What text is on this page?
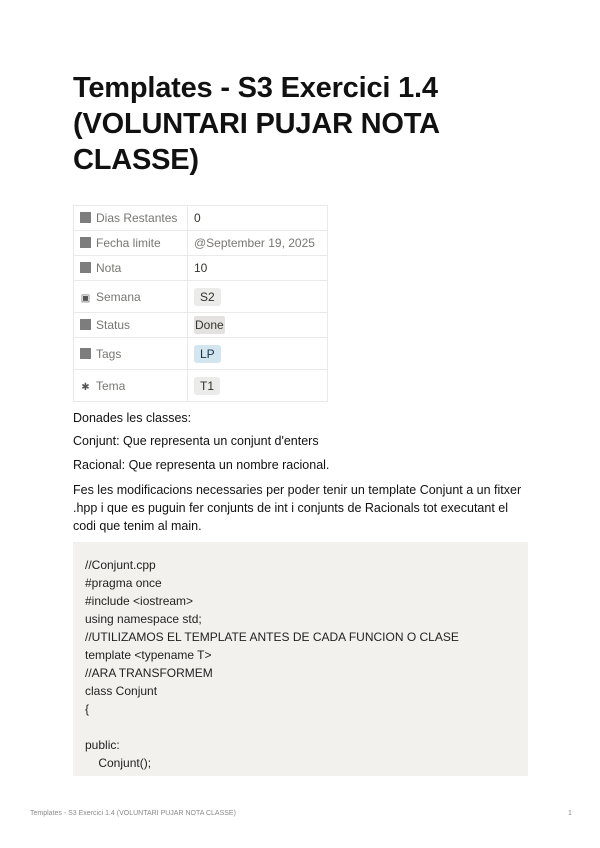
Templates - S3 Exercici 1.4 (VOLUNTARI PUJAR NOTA CLASSE)
Dias Restantes	0
Fecha limite	@September 19, 2025
Nota	10
▣ Semana	S2
Status	Done
Tags	LP
✱ Tema	T1
Donades les classes:
Conjunt: Que representa un conjunt d'enters
Racional: Que representa un nombre racional.
Fes les modificacions necessaries per poder tenir un template Conjunt a un fitxer .hpp i que es puguin fer conjunts de int i conjunts de Racionals tot executant el codi que tenim al main.
//Conjunt.cpp
#pragma once
#include <iostream>
using namespace std;
//UTILIZAMOS EL TEMPLATE ANTES DE CADA FUNCION O CLASE
template <typename T>
//ARA TRANSFORMEM
class Conjunt
{
public:
Conjunt();
Templates - S3 Exercici 1.4 (VOLUNTARI PUJAR NOTA CLASSE)	1
